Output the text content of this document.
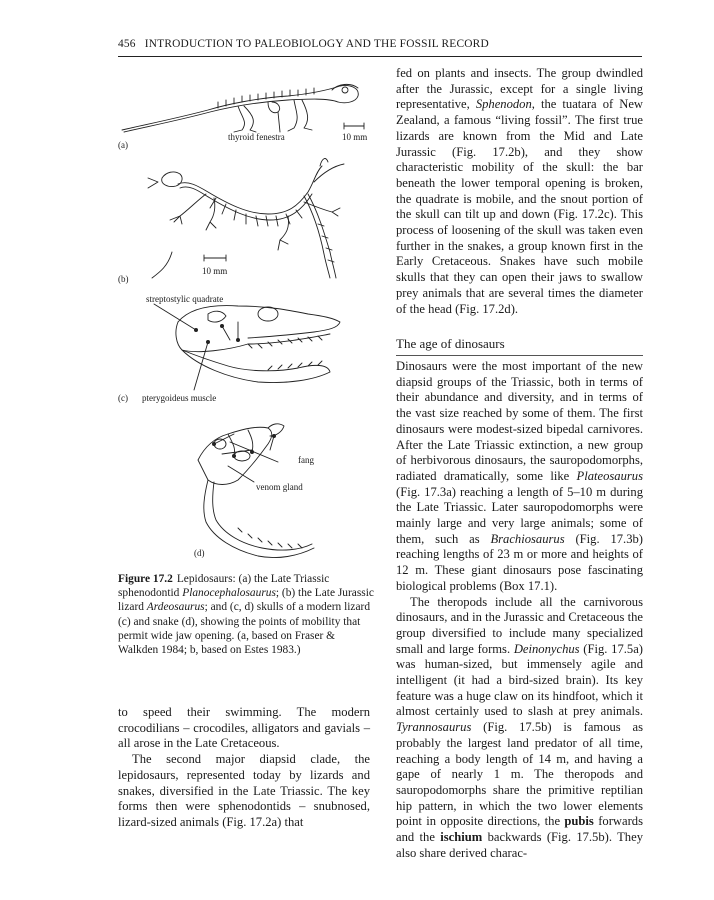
456 INTRODUCTION TO PALEOBIOLOGY AND THE FOSSIL RECORD
(a)
thyroid fenestra	10 mm
10 mm
(b)
streptostylic quadrate
(c) pterygoideus muscle
fang
venom gland
(d)

Figure 17.2 Lepidosaurs: (a) the Late Triassic sphenodontid Planocephalosaurus; (b) the Late Jurassic lizard Ardeosaurus; and (c, d) skulls of a modern lizard (c) and snake (d), showing the points of mobility that permit wide jaw opening. (a, based on Fraser & Walkden 1984; b, based on Estes 1983.)

fed on plants and insects. The group dwindled after the Jurassic, except for a single living representative, Sphenodon, the tuatara of New Zealand, a famous “living fossil”. The first true lizards are known from the Mid and Late Jurassic (Fig. 17.2b), and they show characteristic mobility of the skull: the bar beneath the lower temporal opening is broken, the quadrate is mobile, and the snout portion of the skull can tilt up and down (Fig. 17.2c). This process of loosening of the skull was taken even further in the snakes, a group known first in the Early Cretaceous. Snakes have such mobile skulls that they can open their jaws to swallow prey animals that are several times the diameter of the head (Fig. 17.2d).

The age of dinosaurs

Dinosaurs were the most important of the new diapsid groups of the Triassic, both in terms of their abundance and diversity, and in terms of the vast size reached by some of them. The first dinosaurs were modest-sized bipedal carnivores. After the Late Triassic extinction, a new group of herbivorous dinosaurs, the sauropodomorphs, radiated dramatically, some like Plateosaurus (Fig. 17.3a) reaching a length of 5–10 m during the Late Triassic. Later sauropodomorphs were mainly large and very large animals; some of them, such as Brachiosaurus (Fig. 17.3b) reaching lengths of 23 m or more and heights of 12 m. These giant dinosaurs pose fascinating biological problems (Box 17.1).

The theropods include all the carnivorous dinosaurs, and in the Jurassic and Cretaceous the group diversified to include many specialized small and large forms. Deinonychus (Fig. 17.5a) was human-sized, but immensely agile and intelligent (it had a bird-sized brain). Its key feature was a huge claw on its hindfoot, which it almost certainly used to slash at prey animals. Tyrannosaurus (Fig. 17.5b) is famous as probably the largest land predator of all time, reaching a body length of 14 m, and having a gape of nearly 1 m. The theropods and sauropodomorphs share the primitive reptilian hip pattern, in which the two lower elements point in opposite directions, the pubis forwards and the ischium backwards (Fig. 17.5b). They also share derived charac-

to speed their swimming. The modern crocodilians – crocodiles, alligators and gavials – all arose in the Late Cretaceous.

The second major diapsid clade, the lepidosaurs, represented today by lizards and snakes, diversified in the Late Triassic. The key forms then were sphenodontids – snubnosed, lizard-sized animals (Fig. 17.2a) that
